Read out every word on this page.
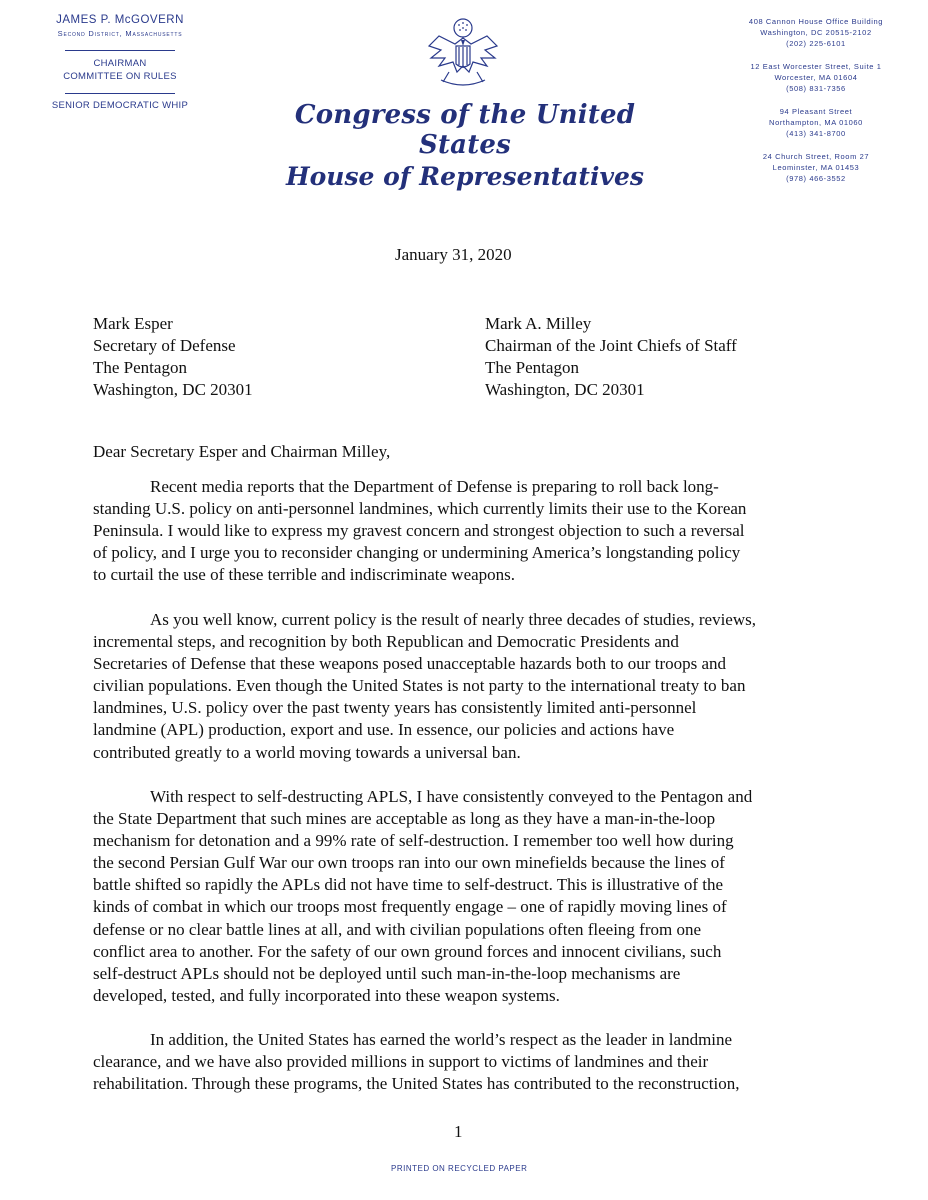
JAMES P. McGOVERN
Second District, Massachusetts
CHAIRMAN
COMMITTEE ON RULES
SENIOR DEMOCRATIC WHIP	Congress of the United States
House of Representatives
408 Cannon House Office Building
Washington, DC 20515-2102
(202) 225-6101
12 East Worcester Street, Suite 1
Worcester, MA 01604
(508) 831-7356
94 Pleasant Street
Northampton, MA 01060
(413) 341-8700
24 Church Street, Room 27
Leominster, MA 01453
(978) 466-3552
January 31, 2020
Mark Esper
Secretary of Defense
The Pentagon
Washington, DC 20301
Mark A. Milley
Chairman of the Joint Chiefs of Staff
The Pentagon
Washington, DC 20301
Dear Secretary Esper and Chairman Milley,
Recent media reports that the Department of Defense is preparing to roll back long-
standing U.S. policy on anti-personnel landmines, which currently limits their use to the Korean
Peninsula. I would like to express my gravest concern and strongest objection to such a reversal
of policy, and I urge you to reconsider changing or undermining America’s longstanding policy
to curtail the use of these terrible and indiscriminate weapons.
As you well know, current policy is the result of nearly three decades of studies, reviews,
incremental steps, and recognition by both Republican and Democratic Presidents and
Secretaries of Defense that these weapons posed unacceptable hazards both to our troops and
civilian populations. Even though the United States is not party to the international treaty to ban
landmines, U.S. policy over the past twenty years has consistently limited anti-personnel
landmine (APL) production, export and use. In essence, our policies and actions have
contributed greatly to a world moving towards a universal ban.
With respect to self-destructing APLS, I have consistently conveyed to the Pentagon and
the State Department that such mines are acceptable as long as they have a man-in-the-loop
mechanism for detonation and a 99% rate of self-destruction. I remember too well how during
the second Persian Gulf War our own troops ran into our own minefields because the lines of
battle shifted so rapidly the APLs did not have time to self-destruct. This is illustrative of the
kinds of combat in which our troops most frequently engage – one of rapidly moving lines of
defense or no clear battle lines at all, and with civilian populations often fleeing from one
conflict area to another. For the safety of our own ground forces and innocent civilians, such
self-destruct APLs should not be deployed until such man-in-the-loop mechanisms are
developed, tested, and fully incorporated into these weapon systems.
In addition, the United States has earned the world’s respect as the leader in landmine
clearance, and we have also provided millions in support to victims of landmines and their
rehabilitation. Through these programs, the United States has contributed to the reconstruction,
1
PRINTED ON RECYCLED PAPER
